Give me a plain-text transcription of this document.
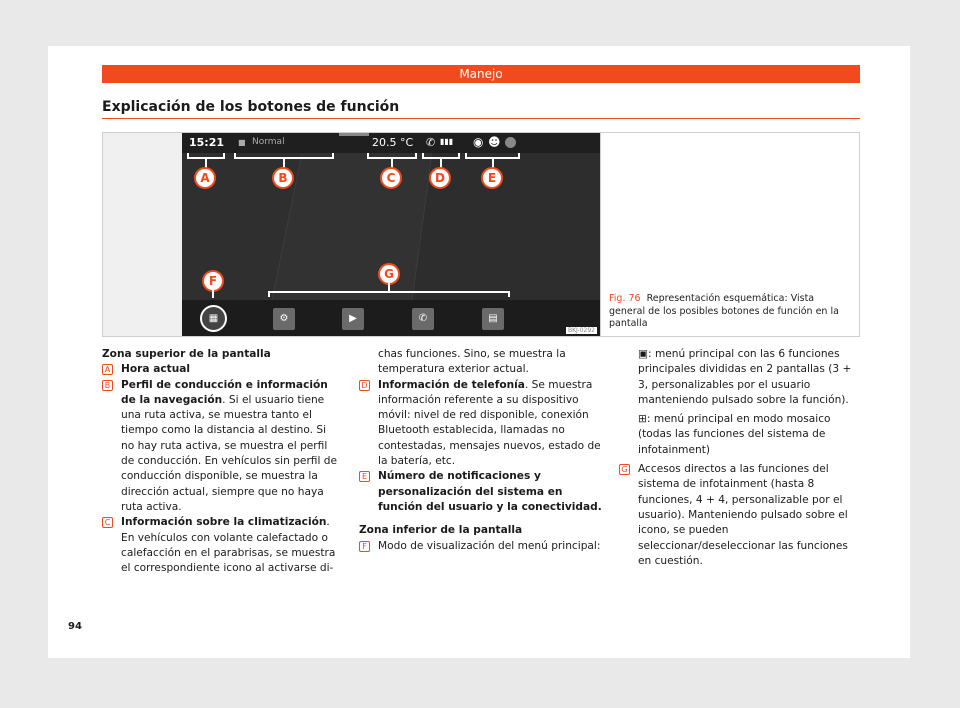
Manejo
Explicación de los botones de función
15:21 ■ Normal	20.5 °C ✆ ▮▮▮ ◉ ☻
A	B	C	D	E
F	G
▦	⚙	▶	✆	▤
BKJ-0292
Fig. 76 Representación esquemática: Vista general de los posibles botones de función en la pantalla

Zona superior de la pantalla

A Hora actual
B Perfil de conducción e información de la navegación. Si el usuario tiene una ruta activa, se muestra tanto el tiempo como la distancia al destino. Si no hay ruta activa, se muestra el perfil de conducción. En vehículos sin perfil de conducción disponible, se muestra la dirección actual, siempre que no haya ruta activa.
C Información sobre la climatización. En vehículos con volante calefactado o calefacción en el parabrisas, se muestra el correspondiente icono al activarse di-

chas funciones. Sino, se muestra la temperatura exterior actual.

D Información de telefonía. Se muestra información referente a su dispositivo móvil: nivel de red disponible, conexión Bluetooth establecida, llamadas no contestadas, mensajes nuevos, estado de la batería, etc.
E Número de notificaciones y personalización del sistema en función del usuario y la conectividad.

Zona inferior de la pantalla

F	Modo de visualización del menú principal:

▣: menú principal con las 6 funciones principales divididas en 2 pantallas (3 + 3, personalizables por el usuario manteniendo pulsado sobre la función).

⊞: menú principal en modo mosaico (todas las funciones del sistema de infotainment)

G Accesos directos a las funciones del sistema de infotainment (hasta 8 funciones, 4 + 4, personalizable por el usuario). Manteniendo pulsado sobre el icono, se pueden seleccionar/deseleccionar las funciones en cuestión.
94
